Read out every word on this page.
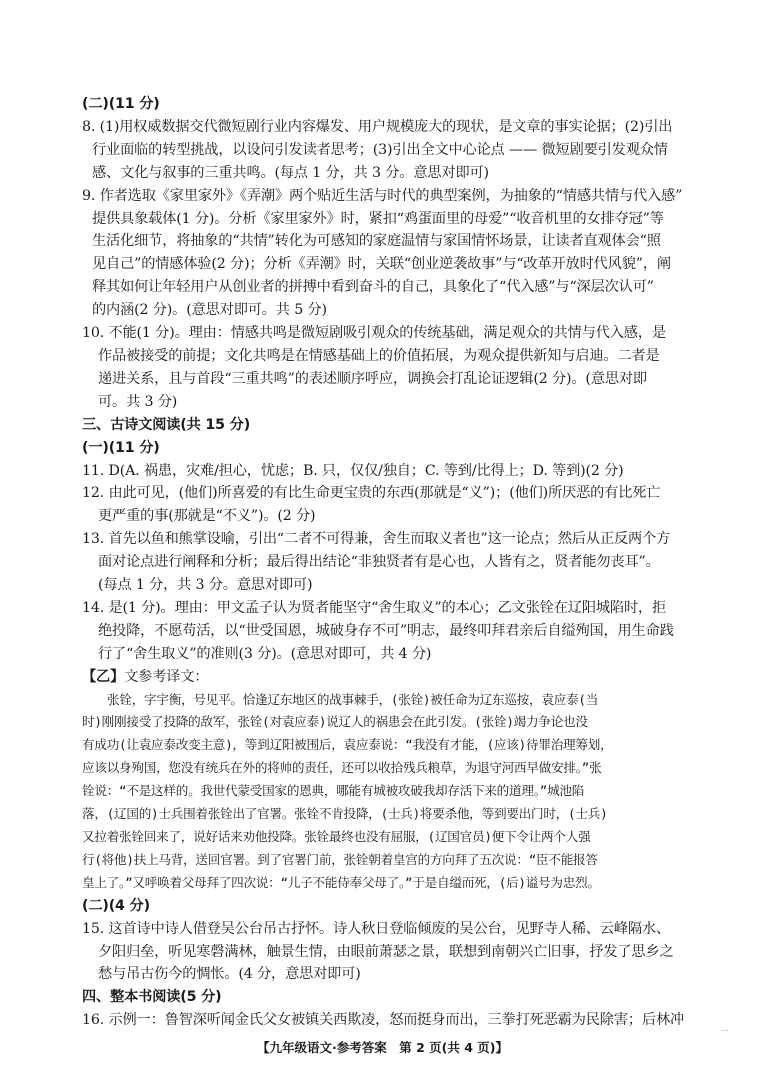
(二)(11 分)
8. (1)用权威数据交代微短剧行业内容爆发、用户规模庞大的现状，是文章的事实论据；(2)引出
行业面临的转型挑战，以设问引发读者思考；(3)引出全文中心论点 —— 微短剧要引发观众情
感、文化与叙事的三重共鸣。(每点 1 分，共 3 分。意思对即可)
9. 作者选取《家里家外》《弄潮》两个贴近生活与时代的典型案例，为抽象的“情感共情与代入感”
提供具象载体(1 分)。分析《家里家外》时，紧扣“鸡蛋面里的母爱”“收音机里的女排夺冠”等
生活化细节，将抽象的“共情”转化为可感知的家庭温情与家国情怀场景，让读者直观体会“照
见自己”的情感体验(2 分)；分析《弄潮》时，关联“创业逆袭故事”与“改革开放时代风貌”，阐
释其如何让年轻用户从创业者的拼搏中看到奋斗的自己，具象化了“代入感”与“深层次认可”
的内涵(2 分)。(意思对即可。共 5 分)
10. 不能(1 分)。理由：情感共鸣是微短剧吸引观众的传统基础，满足观众的共情与代入感，是
作品被接受的前提；文化共鸣是在情感基础上的价值拓展，为观众提供新知与启迪。二者是
递进关系，且与首段“三重共鸣”的表述顺序呼应，调换会打乱论证逻辑(2 分)。(意思对即
可。共 3 分)
三、古诗文阅读(共 15 分)
(一)(11 分)
11. D(A. 祸患，灾难/担心，忧虑；B. 只，仅仅/独自；C. 等到/比得上；D. 等到)(2 分)
12. 由此可见，(他们)所喜爱的有比生命更宝贵的东西(那就是“义”)；(他们)所厌恶的有比死亡
更严重的事(那就是“不义”)。(2 分)
13. 首先以鱼和熊掌设喻，引出“二者不可得兼，舍生而取义者也”这一论点；然后从正反两个方
面对论点进行阐释和分析；最后得出结论“非独贤者有是心也，人皆有之，贤者能勿丧耳”。
(每点 1 分，共 3 分。意思对即可)
14. 是(1 分)。理由：甲文孟子认为贤者能坚守“舍生取义”的本心；乙文张铨在辽阳城陷时，拒
绝投降，不愿苟活，以“世受国恩，城破身存不可”明志，最终叩拜君亲后自缢殉国，用生命践
行了“舍生取义”的准则(3 分)。(意思对即可，共 4 分)
【乙】文参考译文：
张铨，字宇衡，号见平。恰逢辽东地区的战事棘手，(张铨)被任命为辽东巡按，袁应泰(当
时)刚刚接受了投降的敌军，张铨(对袁应泰)说辽人的祸患会在此引发。(张铨)竭力争论也没
有成功(让袁应泰改变主意)，等到辽阳被围后，袁应泰说：“我没有才能，(应该)待罪治理筹划，
应该以身殉国，您没有统兵在外的将帅的责任，还可以收拾残兵粮草，为退守河西早做安排。”张
铨说：“不是这样的。我世代蒙受国家的恩典，哪能有城被攻破我却存活下来的道理。”城池陷
落，(辽国的)士兵围着张铨出了官署。张铨不肯投降，(士兵)将要杀他，等到要出门时，(士兵)
又拉着张铨回来了，说好话来劝他投降。张铨最终也没有屈服，(辽国官员)便下令让两个人强
行(将他)扶上马背，送回官署。到了官署门前，张铨朝着皇宫的方向拜了五次说：“臣不能报答
皇上了。”又呼唤着父母拜了四次说：“儿子不能侍奉父母了。”于是自缢而死，(后)谥号为忠烈。
(二)(4 分)
15. 这首诗中诗人借登吴公台吊古抒怀。诗人秋日登临倾废的吴公台，见野寺人稀、云峰隔水、
夕阳归垒，听见寒磬满林，触景生情，由眼前萧瑟之景，联想到南朝兴亡旧事，抒发了思乡之
愁与吊古伤今的惆怅。(4 分，意思对即可)
四、整本书阅读(5 分)
16. 示例一：鲁智深听闻金氏父女被镇关西欺凌，怒而挺身而出，三拳打死恶霸为民除害；后林冲
…
【九年级语文·参考答案　第 2 页(共 4 页)】
